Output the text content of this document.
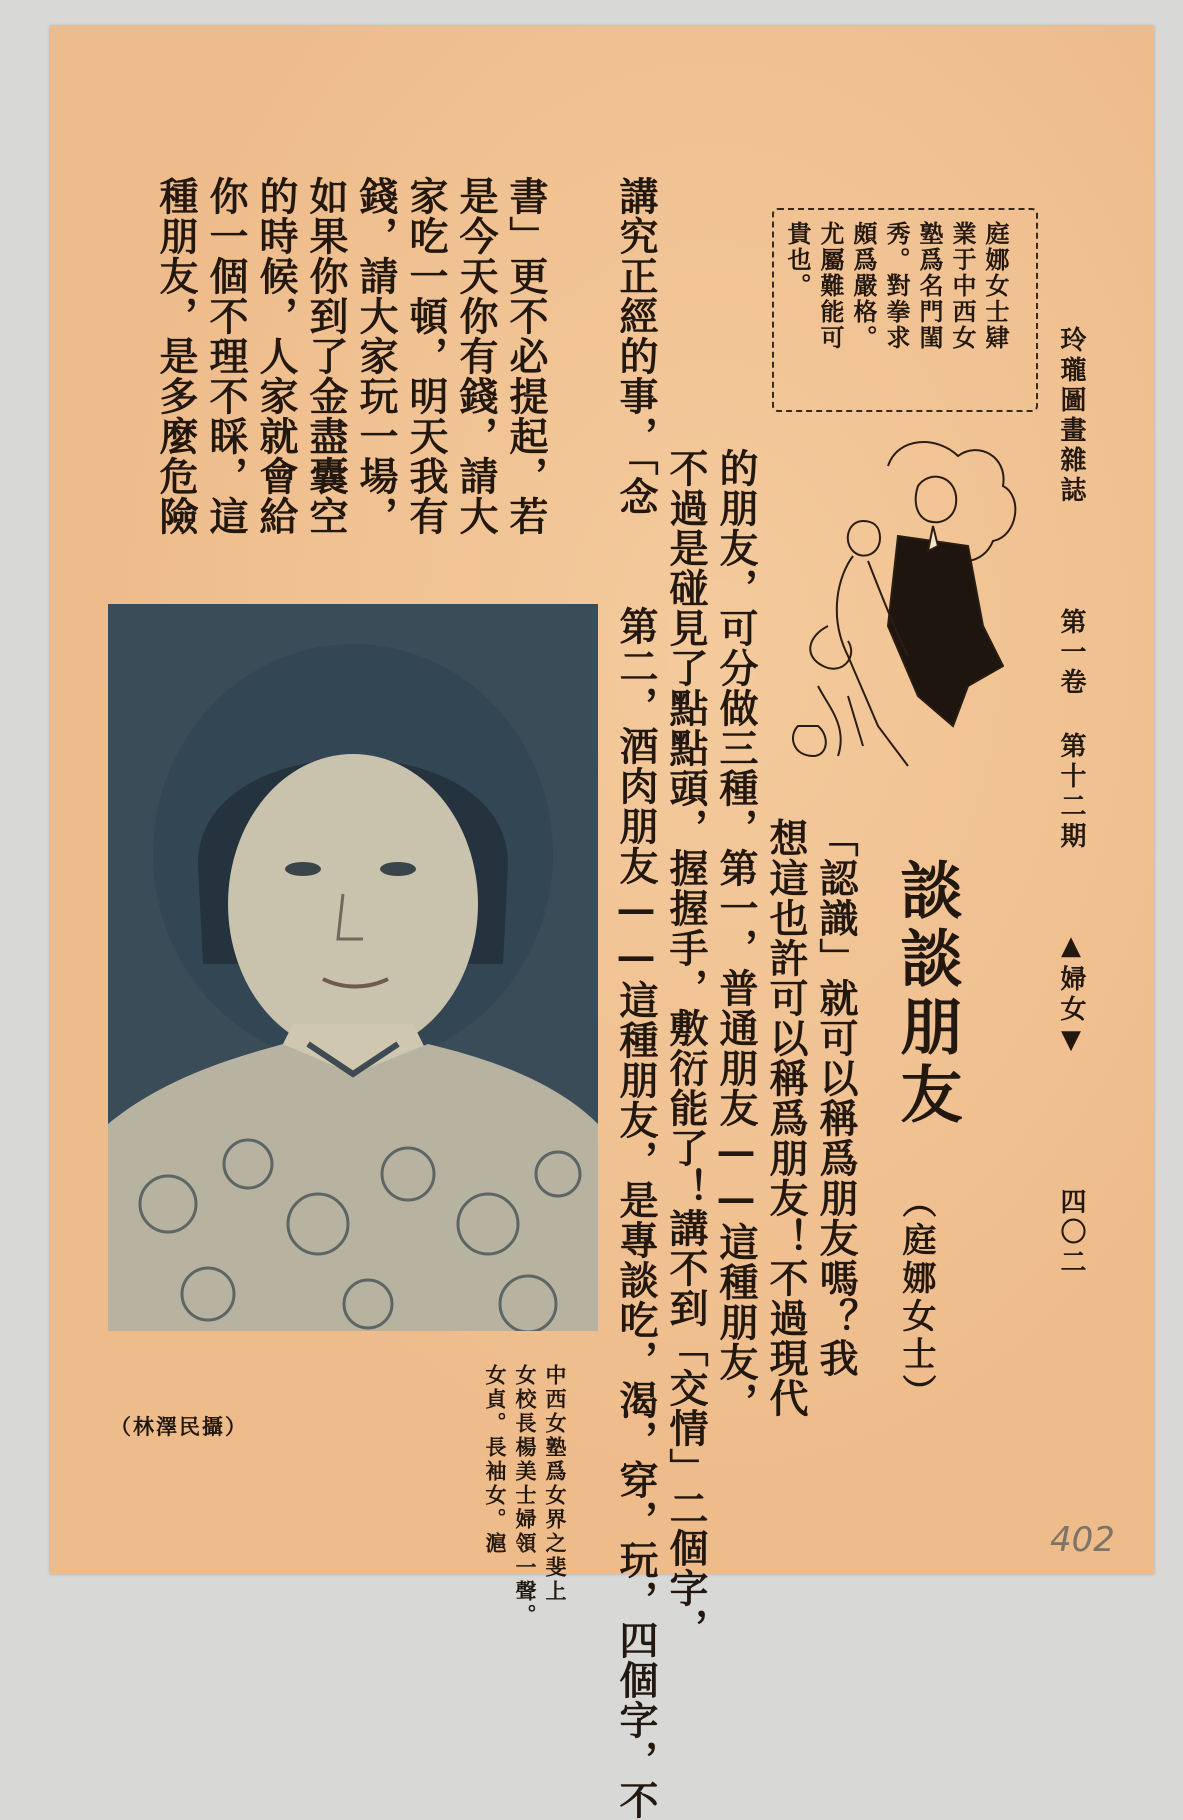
玲瓏圖畫雜誌
第一卷
第十二期
▲婦女▼
四〇二
庭娜女士肄
業于中西女
塾爲名門閨
秀。對拳求
頗爲嚴格。
尤屬難能可
貴也。
談談朋友
（庭娜女士）
「認識」就可以稱爲朋友嗎？我
想這也許可以稱爲朋友！不過現代
的朋友，可分做三種，第一，普通朋友——這種朋友，
不過是碰見了點點頭，握握手，敷衍能了！講不到「交情」二個字，
講究正經的事，「念
第二，酒肉朋友——這種朋友，是專談吃，渴，穿，玩，四個字，不
書」更不必提起，若
是今天你有錢，請大
家吃一頓，明天我有
錢，請大家玩一場，
如果你到了金盡囊空
的時候，人家就會給
你一個不理不睬，這
種朋友，是多麼危險
中西女塾爲女界之斐上
女校長楊美士婦領一聲。
女貞。長袖女。滬
（林澤民攝）
402
